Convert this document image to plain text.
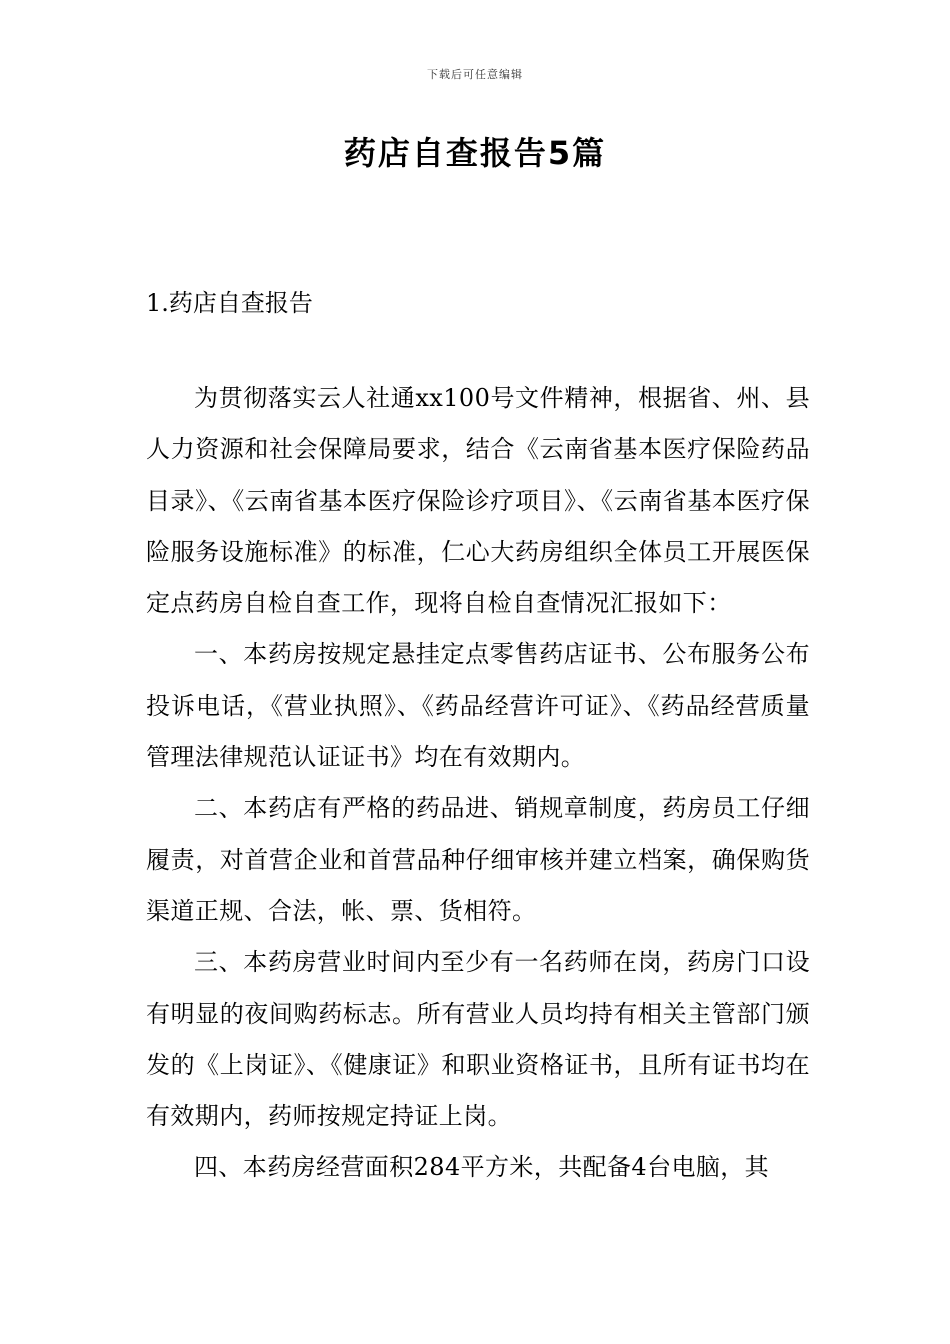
下载后可任意编辑
药店自查报告5篇
1.药店自查报告

为贯彻落实云人社通xx100号文件精神，根据省、州、县人力资源和社会保障局要求，结合《云南省基本医疗保险药品目录》、《云南省基本医疗保险诊疗项目》、《云南省基本医疗保险服务设施标准》的标准，仁心大药房组织全体员工开展医保定点药房自检自查工作，现将自检自查情况汇报如下：

一、本药房按规定悬挂定点零售药店证书、公布服务公布投诉电话，《营业执照》、《药品经营许可证》、《药品经营质量管理法律规范认证证书》均在有效期内。

二、本药店有严格的药品进、销规章制度，药房员工仔细履责，对首营企业和首营品种仔细审核并建立档案，确保购货渠道正规、合法，帐、票、货相符。

三、本药房营业时间内至少有一名药师在岗，药房门口设有明显的夜间购药标志。所有营业人员均持有相关主管部门颁发的《上岗证》、《健康证》和职业资格证书，且所有证书均在有效期内，药师按规定持证上岗。

四、本药房经营面积284平方米，共配备4台电脑，其
